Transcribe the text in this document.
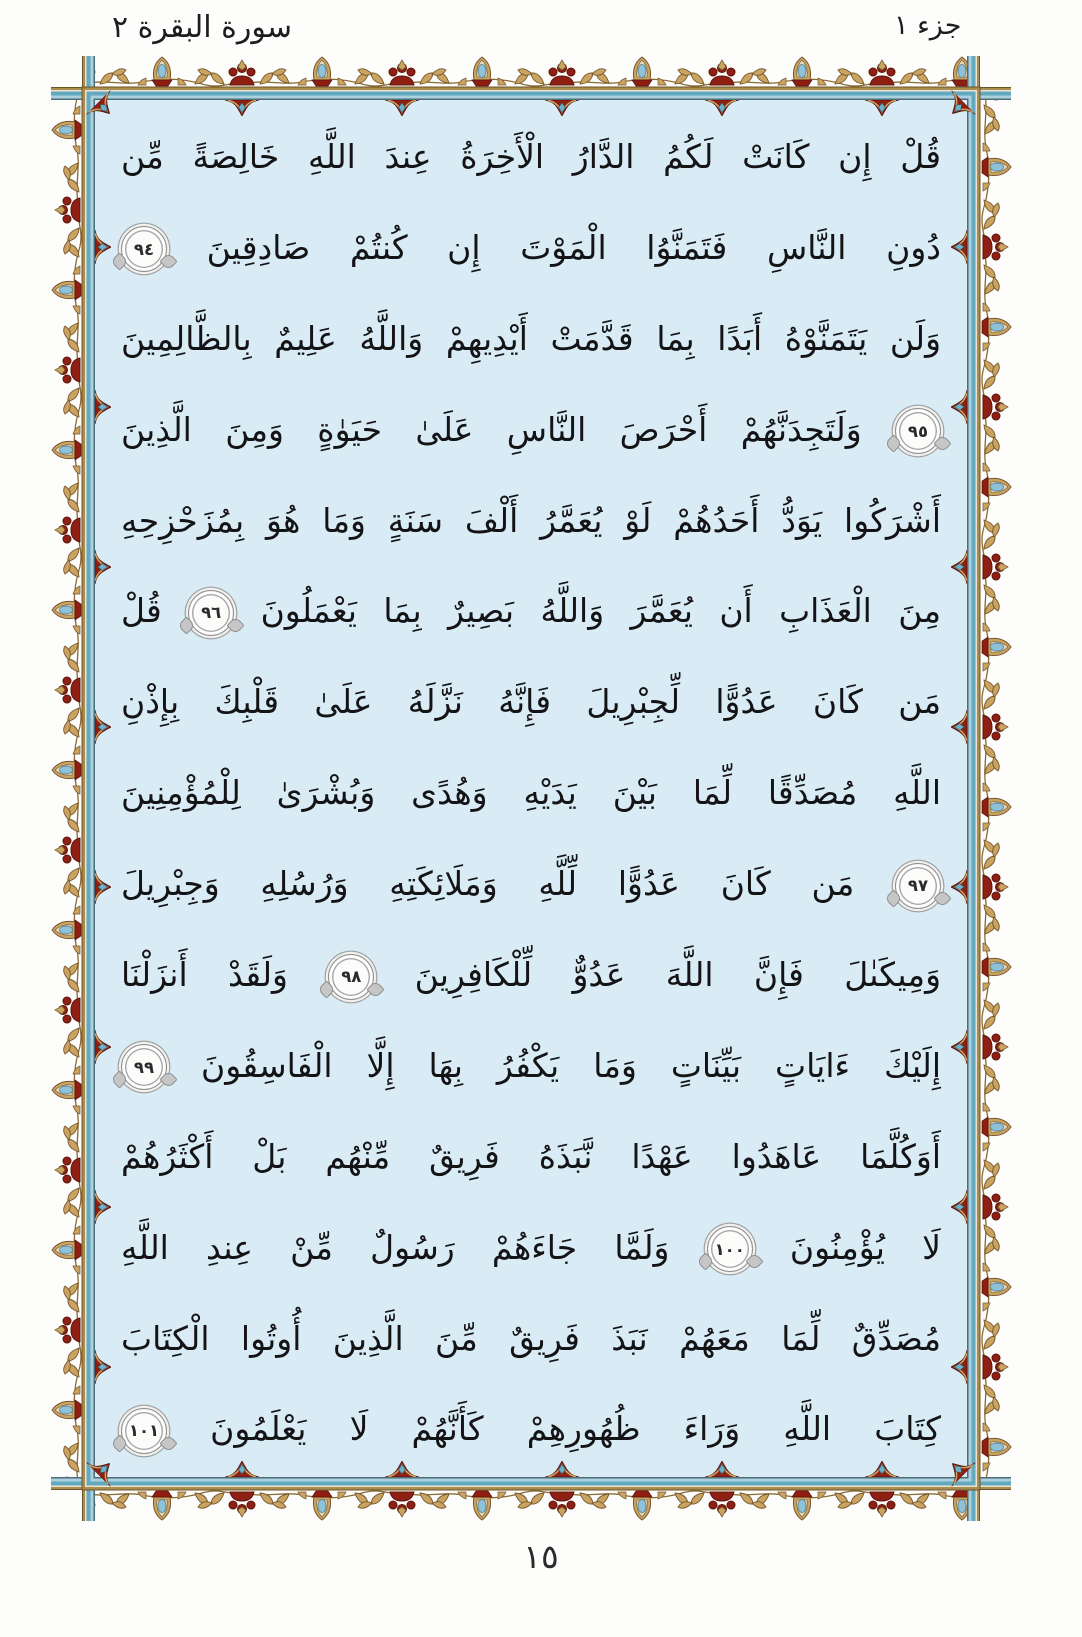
سورة البقرة ٢	جزء ١
قُلْ إِن كَانَتْ لَكُمُ الدَّارُ الْأَخِرَةُ عِندَ اللَّهِ خَالِصَةً مِّن
دُونِ النَّاسِ فَتَمَنَّوُا الْمَوْتَ إِن كُنتُمْ صَادِقِينَ ٩٤
وَلَن يَتَمَنَّوْهُ أَبَدًا بِمَا قَدَّمَتْ أَيْدِيهِمْ وَاللَّهُ عَلِيمٌ بِالظَّالِمِينَ
٩٥ وَلَتَجِدَنَّهُمْ أَحْرَصَ النَّاسِ عَلَىٰ حَيَوٰةٍ وَمِنَ الَّذِينَ
أَشْرَكُوا يَوَدُّ أَحَدُهُمْ لَوْ يُعَمَّرُ أَلْفَ سَنَةٍ وَمَا هُوَ بِمُزَحْزِحِهِ
مِنَ الْعَذَابِ أَن يُعَمَّرَ وَاللَّهُ بَصِيرٌ بِمَا يَعْمَلُونَ ٩٦ قُلْ
مَن كَانَ عَدُوًّا لِّجِبْرِيلَ فَإِنَّهُ نَزَّلَهُ عَلَىٰ قَلْبِكَ بِإِذْنِ
اللَّهِ مُصَدِّقًا لِّمَا بَيْنَ يَدَيْهِ وَهُدًى وَبُشْرَىٰ لِلْمُؤْمِنِينَ
٩٧ مَن كَانَ عَدُوًّا لِّلَّهِ وَمَلَائِكَتِهِ وَرُسُلِهِ وَجِبْرِيلَ
وَمِيكَىٰلَ فَإِنَّ اللَّهَ عَدُوٌّ لِّلْكَافِرِينَ ٩٨ وَلَقَدْ أَنزَلْنَا
إِلَيْكَ ءَايَاتٍ بَيِّنَاتٍ وَمَا يَكْفُرُ بِهَا إِلَّا الْفَاسِقُونَ ٩٩
أَوَكُلَّمَا عَاهَدُوا عَهْدًا نَّبَذَهُ فَرِيقٌ مِّنْهُم بَلْ أَكْثَرُهُمْ
لَا يُؤْمِنُونَ ١٠٠ وَلَمَّا جَاءَهُمْ رَسُولٌ مِّنْ عِندِ اللَّهِ
مُصَدِّقٌ لِّمَا مَعَهُمْ نَبَذَ فَرِيقٌ مِّنَ الَّذِينَ أُوتُوا الْكِتَابَ
كِتَابَ اللَّهِ وَرَاءَ ظُهُورِهِمْ كَأَنَّهُمْ لَا يَعْلَمُونَ ١٠١
١٥
